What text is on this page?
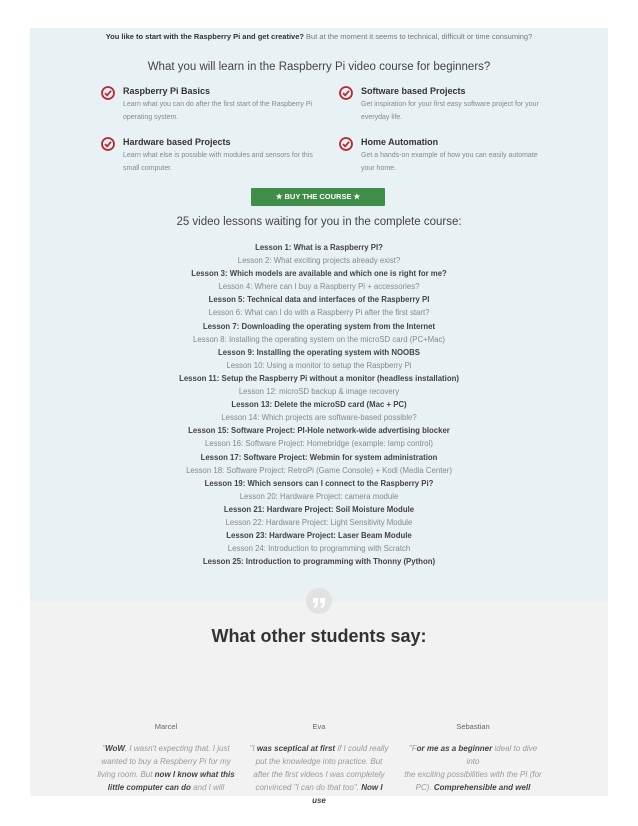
You like to start with the Raspberry Pi and get creative? But at the moment it seems to technical, difficult or time consuming?
What you will learn in the Raspberry Pi video course for beginners?
Raspberry Pi Basics
Learn what you can do after the first start of the Raspberry Pi operating system.
Software based Projects
Get inspiration for your first easy software project for your everyday life.
Hardware based Projects
Learn what else is possible with modules and sensors for this small computer.
Home Automation
Get a hands-on example of how you can easily automate your home.
★ BUY THE COURSE ★
25 video lessons waiting for you in the complete course:
Lesson 1: What is a Raspberry PI?
Lesson 2: What exciting projects already exist?
Lesson 3: Which models are available and which one is right for me?
Lesson 4: Where can I buy a Raspberry Pi + accessories?
Lesson 5: Technical data and interfaces of the Raspberry PI
Lesson 6: What can I do with a Raspberry Pi after the first start?
Lesson 7: Downloading the operating system from the Internet
Lesson 8: Installing the operating system on the microSD card (PC+Mac)
Lesson 9: Installing the operating system with NOOBS
Lesson 10: Using a monitor to setup the Raspberry Pi
Lesson 11: Setup the Raspberry Pi without a monitor (headless installation)
Lesson 12: microSD backup & image recovery
Lesson 13: Delete the microSD card (Mac + PC)
Lesson 14: Which projects are software-based possible?
Lesson 15: Software Project: PI-Hole network-wide advertising blocker
Lesson 16: Software Project: Homebridge (example: lamp control)
Lesson 17: Software Project: Webmin for system administration
Lesson 18: Software Project: RetroPi (Game Console) + Kodi (Media Center)
Lesson 19: Which sensors can I connect to the Raspberry Pi?
Lesson 20: Hardware Project: camera module
Lesson 21: Hardware Project: Soil Moisture Module
Lesson 22: Hardware Project: Light Sensitivity Module
Lesson 23: Hardware Project: Laser Beam Module
Lesson 24: Introduction to programming with Scratch
Lesson 25: Introduction to programming with Thonny (Python)
What other students say:
Marcel	Eva	Sebastian
"WoW, I wasn't expecting that. I just
wanted to buy a Respberry Pi for my
living room. But now I know what this
little computer can do and I will
"I was sceptical at first if I could really
put the knowledge into practice. But
after the first videos I was completely
convinced "I can do that too". Now I use
"For me as a beginner ideal to dive into
the exciting possibilities with the PI (for
PC). Comprehensible and well
